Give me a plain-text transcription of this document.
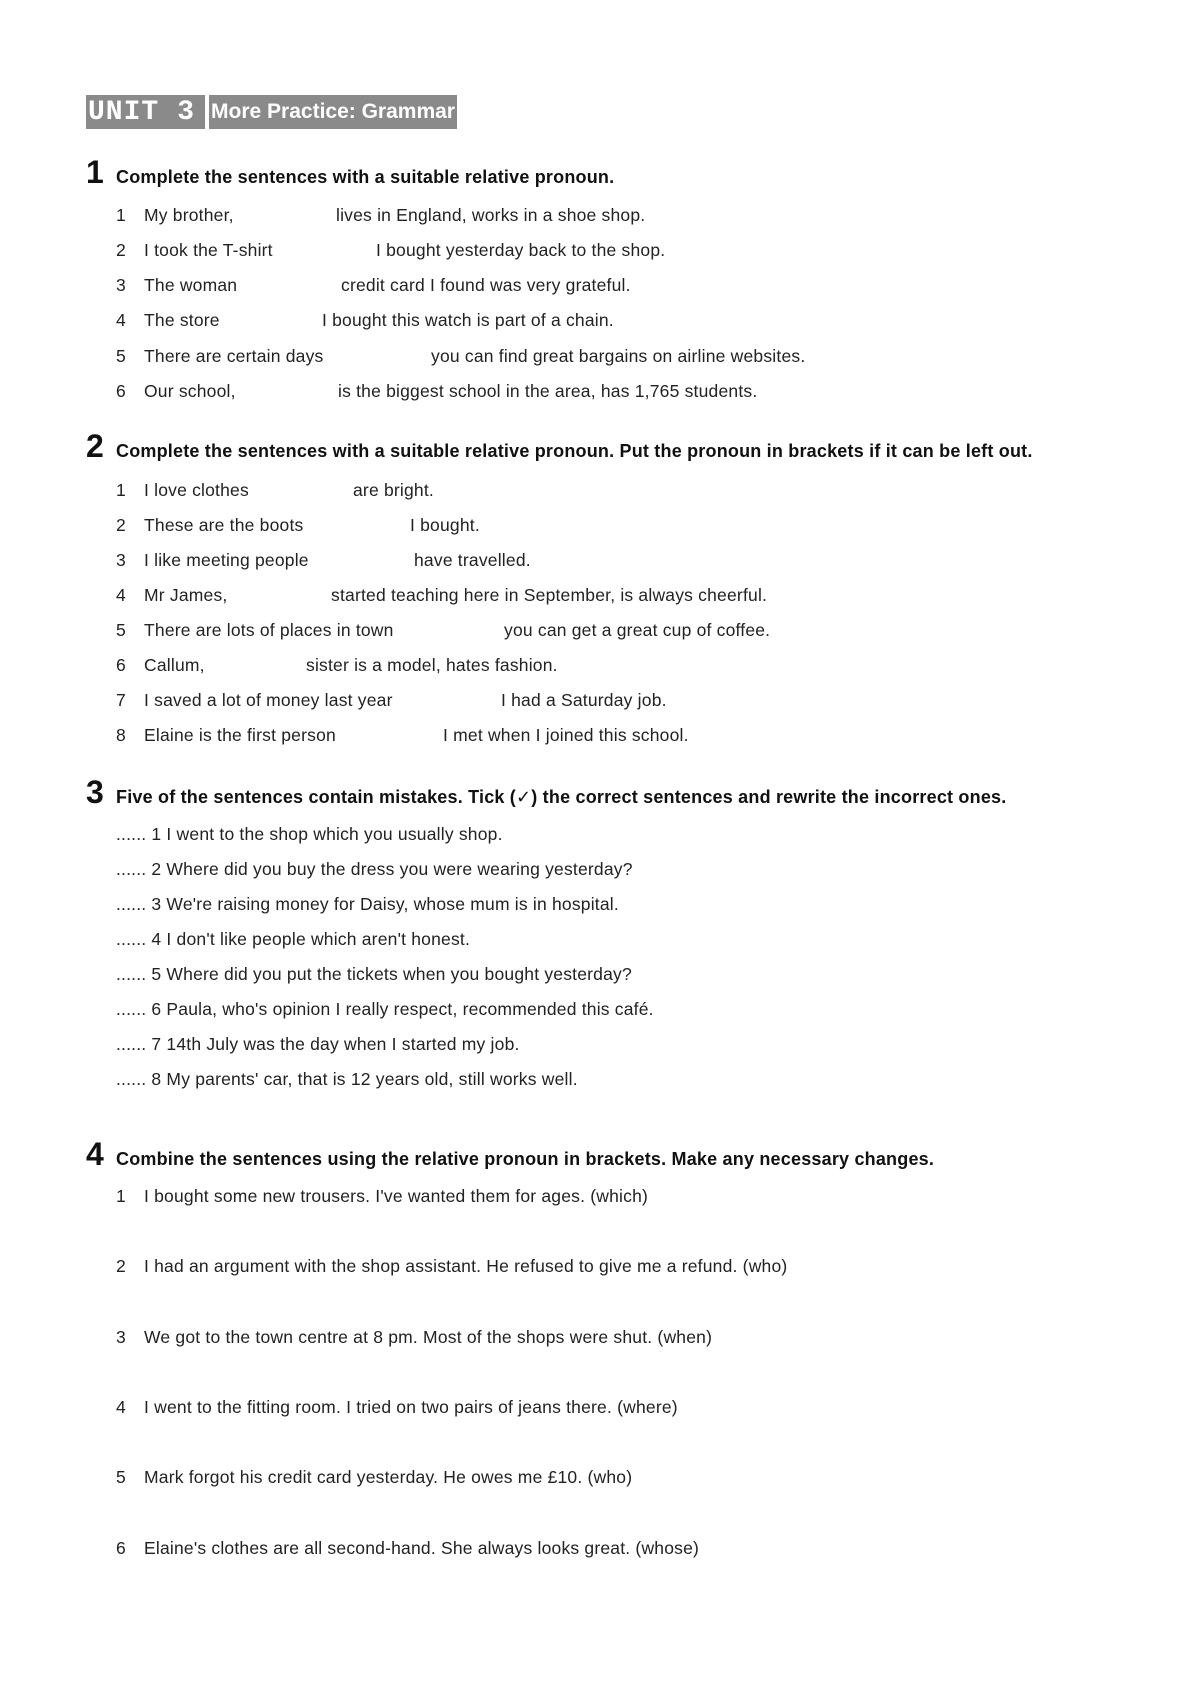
UNIT 3 More Practice: Grammar
1 Complete the sentences with a suitable relative pronoun.
1 My brother,	lives in England, works in a shoe shop.
2 I took the T-shirt	I bought yesterday back to the shop.
3 The woman	credit card I found was very grateful.
4 The store	I bought this watch is part of a chain.
5 There are certain days	you can find great bargains on airline websites.
6 Our school,	is the biggest school in the area, has 1,765 students.
2 Complete the sentences with a suitable relative pronoun. Put the pronoun in brackets if it can be left out.
1 I love clothes	are bright.
2 These are the boots	I bought.
3 I like meeting people	have travelled.
4 Mr James,	started teaching here in September, is always cheerful.
5 There are lots of places in town	you can get a great cup of coffee.
6 Callum,	sister is a model, hates fashion.
7 I saved a lot of money last year	I had a Saturday job.
8 Elaine is the first person	I met when I joined this school.
3 Five of the sentences contain mistakes. Tick (✓) the correct sentences and rewrite the incorrect ones.
...... 1 I went to the shop which you usually shop.
...... 2 Where did you buy the dress you were wearing yesterday?
...... 3 We're raising money for Daisy, whose mum is in hospital.
...... 4 I don't like people which aren't honest.
...... 5 Where did you put the tickets when you bought yesterday?
...... 6 Paula, who's opinion I really respect, recommended this café.
...... 7 14th July was the day when I started my job.
...... 8 My parents' car, that is 12 years old, still works well.
4 Combine the sentences using the relative pronoun in brackets. Make any necessary changes.
1 I bought some new trousers. I've wanted them for ages. (which)
2 I had an argument with the shop assistant. He refused to give me a refund. (who)
3 We got to the town centre at 8 pm. Most of the shops were shut. (when)
4 I went to the fitting room. I tried on two pairs of jeans there. (where)
5 Mark forgot his credit card yesterday. He owes me £10. (who)
6 Elaine's clothes are all second-hand. She always looks great. (whose)
